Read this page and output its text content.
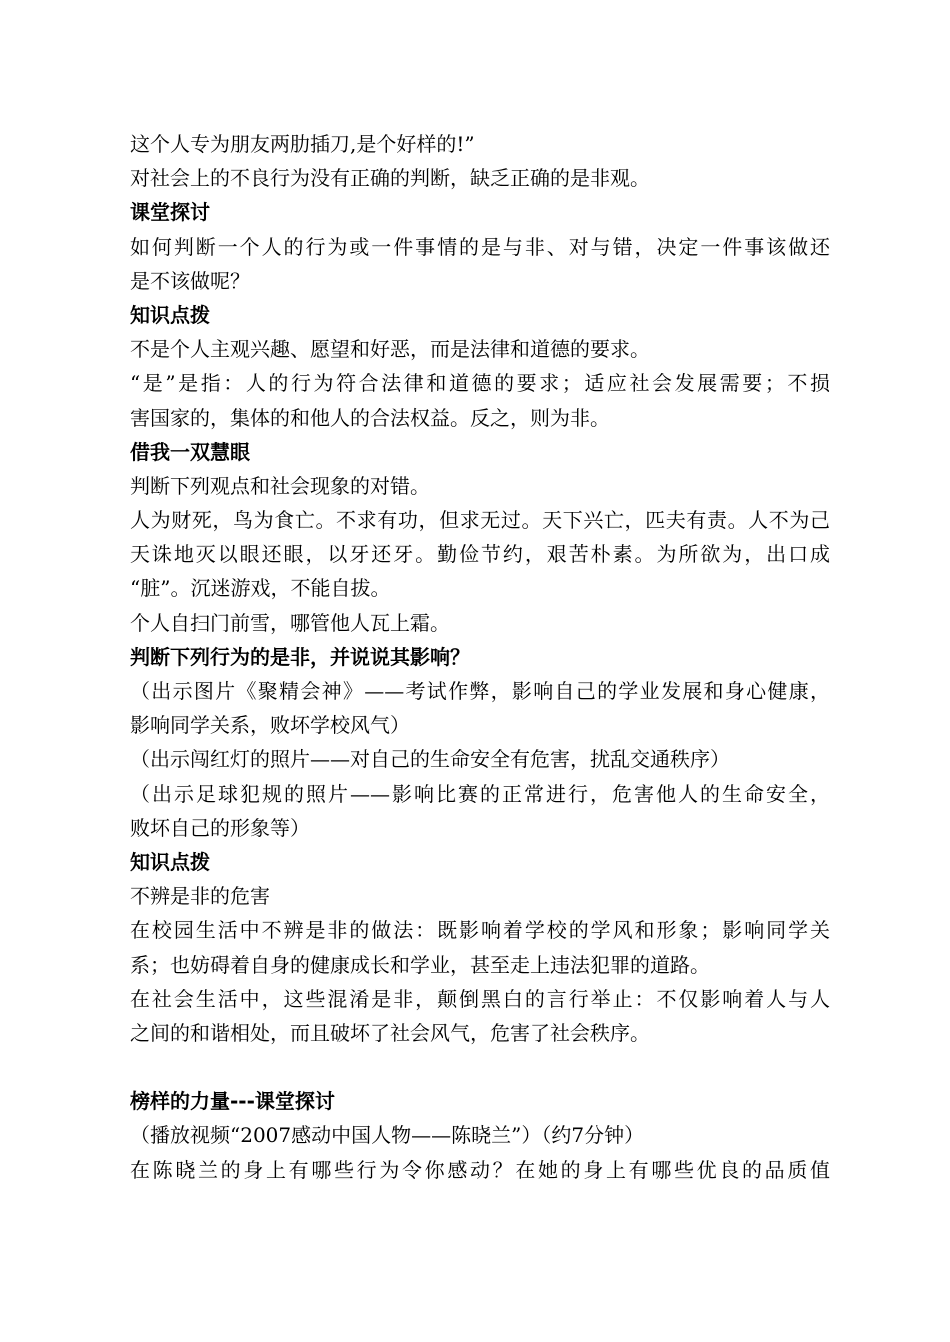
这个人专为朋友两肋插刀,是个好样的!”
对社会上的不良行为没有正确的判断，缺乏正确的是非观。
课堂探讨
如何判断一个人的行为或一件事情的是与非、对与错，决定一件事该做还
是不该做呢？
知识点拨
不是个人主观兴趣、愿望和好恶，而是法律和道德的要求。
“是”是指：人的行为符合法律和道德的要求；适应社会发展需要；不损
害国家的，集体的和他人的合法权益。反之，则为非。
借我一双慧眼
判断下列观点和社会现象的对错。
人为财死，鸟为食亡。不求有功，但求无过。天下兴亡，匹夫有责。人不为己
天诛地灭以眼还眼，以牙还牙。勤俭节约，艰苦朴素。为所欲为，出口成
“脏”。沉迷游戏，不能自拔。
个人自扫门前雪，哪管他人瓦上霜。
判断下列行为的是非，并说说其影响？
（出示图片《聚精会神》——考试作弊，影响自己的学业发展和身心健康，
影响同学关系，败坏学校风气）
（出示闯红灯的照片——对自己的生命安全有危害，扰乱交通秩序）
（出示足球犯规的照片——影响比赛的正常进行，危害他人的生命安全，
败坏自己的形象等）
知识点拨
不辨是非的危害
在校园生活中不辨是非的做法：既影响着学校的学风和形象；影响同学关
系；也妨碍着自身的健康成长和学业，甚至走上违法犯罪的道路。
在社会生活中，这些混淆是非，颠倒黑白的言行举止：不仅影响着人与人
之间的和谐相处，而且破坏了社会风气，危害了社会秩序。
榜样的力量---课堂探讨
（播放视频“2007感动中国人物——陈晓兰”）（约7分钟）
在陈晓兰的身上有哪些行为令你感动？在她的身上有哪些优良的品质值
